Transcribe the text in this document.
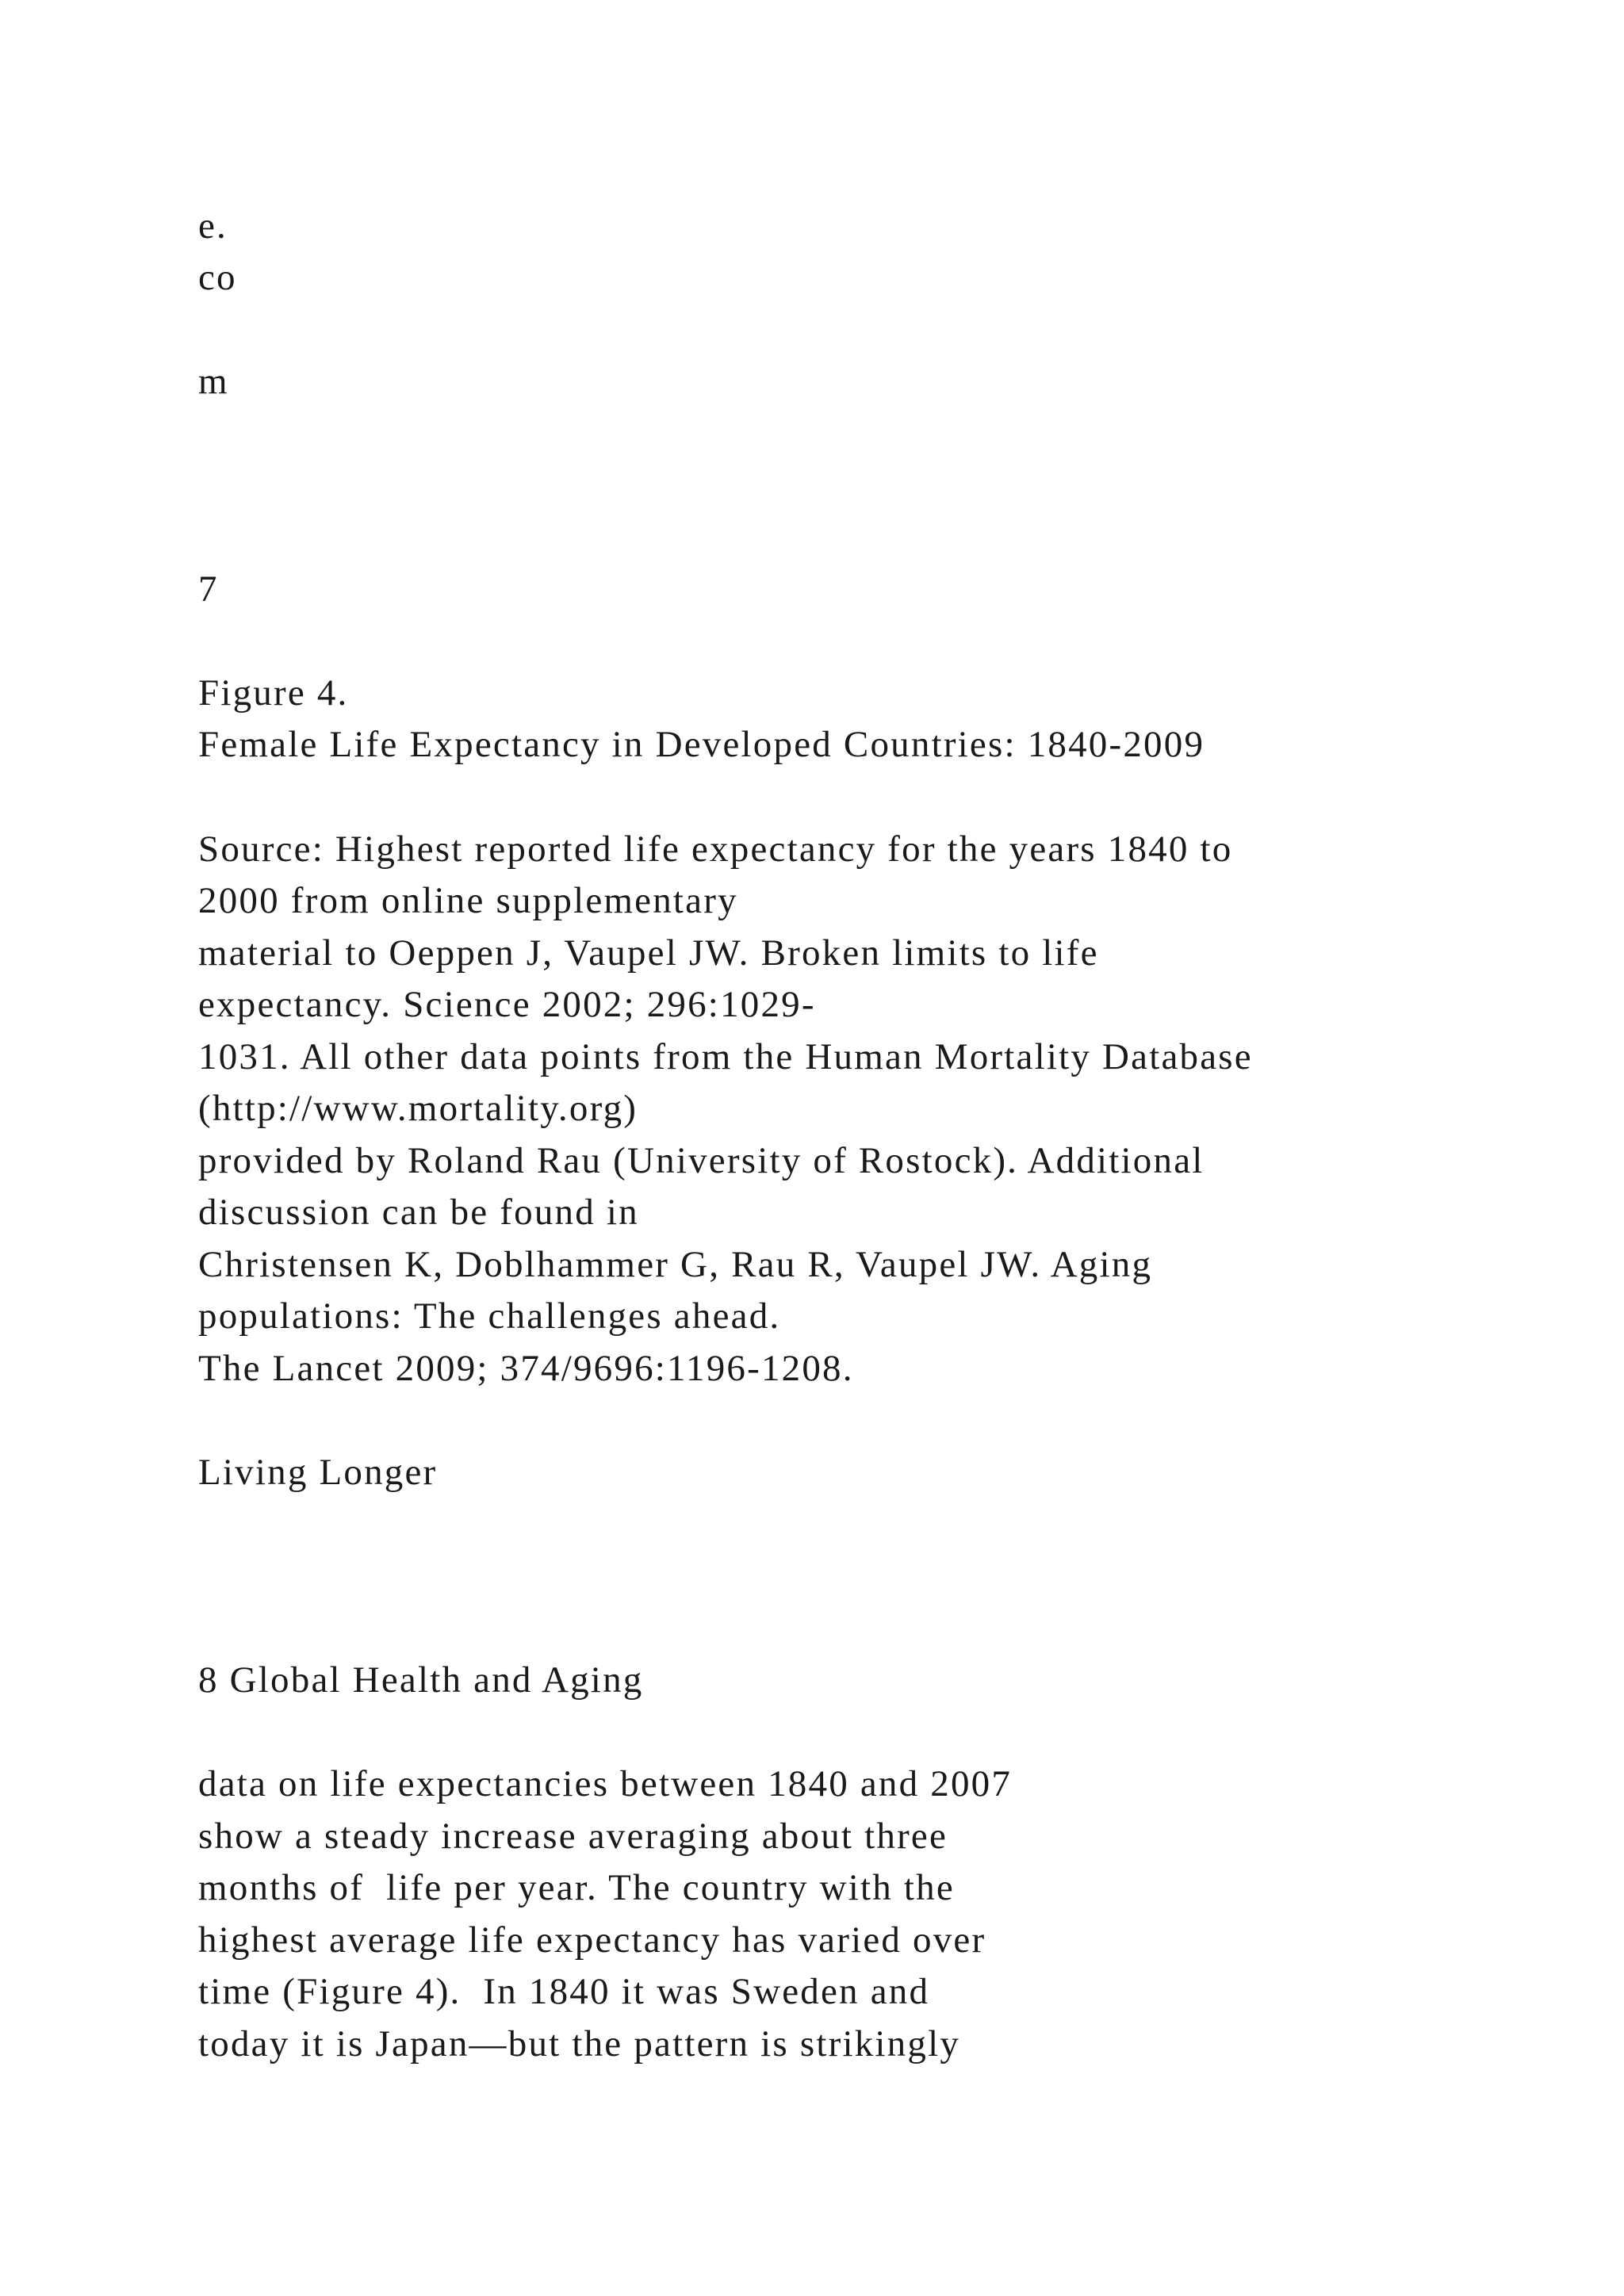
e.

co

m

7

Figure 4.

Female Life Expectancy in Developed Countries: 1840-2009

Source: Highest reported life expectancy for the years 1840 to

2000 from online supplementary

material to Oeppen J, Vaupel JW. Broken limits to life

expectancy. Science 2002; 296:1029-

1031. All other data points from the Human Mortality Database

(http://www.mortality.org)

provided by Roland Rau (University of Rostock). Additional

discussion can be found in

Christensen K, Doblhammer G, Rau R, Vaupel JW. Aging

populations: The challenges ahead.

The Lancet 2009; 374/9696:1196-1208.

Living Longer

8 Global Health and Aging

data on life expectancies between 1840 and 2007

show a steady increase averaging about three

months of  life per year. The country with the

highest average life expectancy has varied over

time (Figure 4).  In 1840 it was Sweden and

today it is Japan—but the pattern is strikingly
